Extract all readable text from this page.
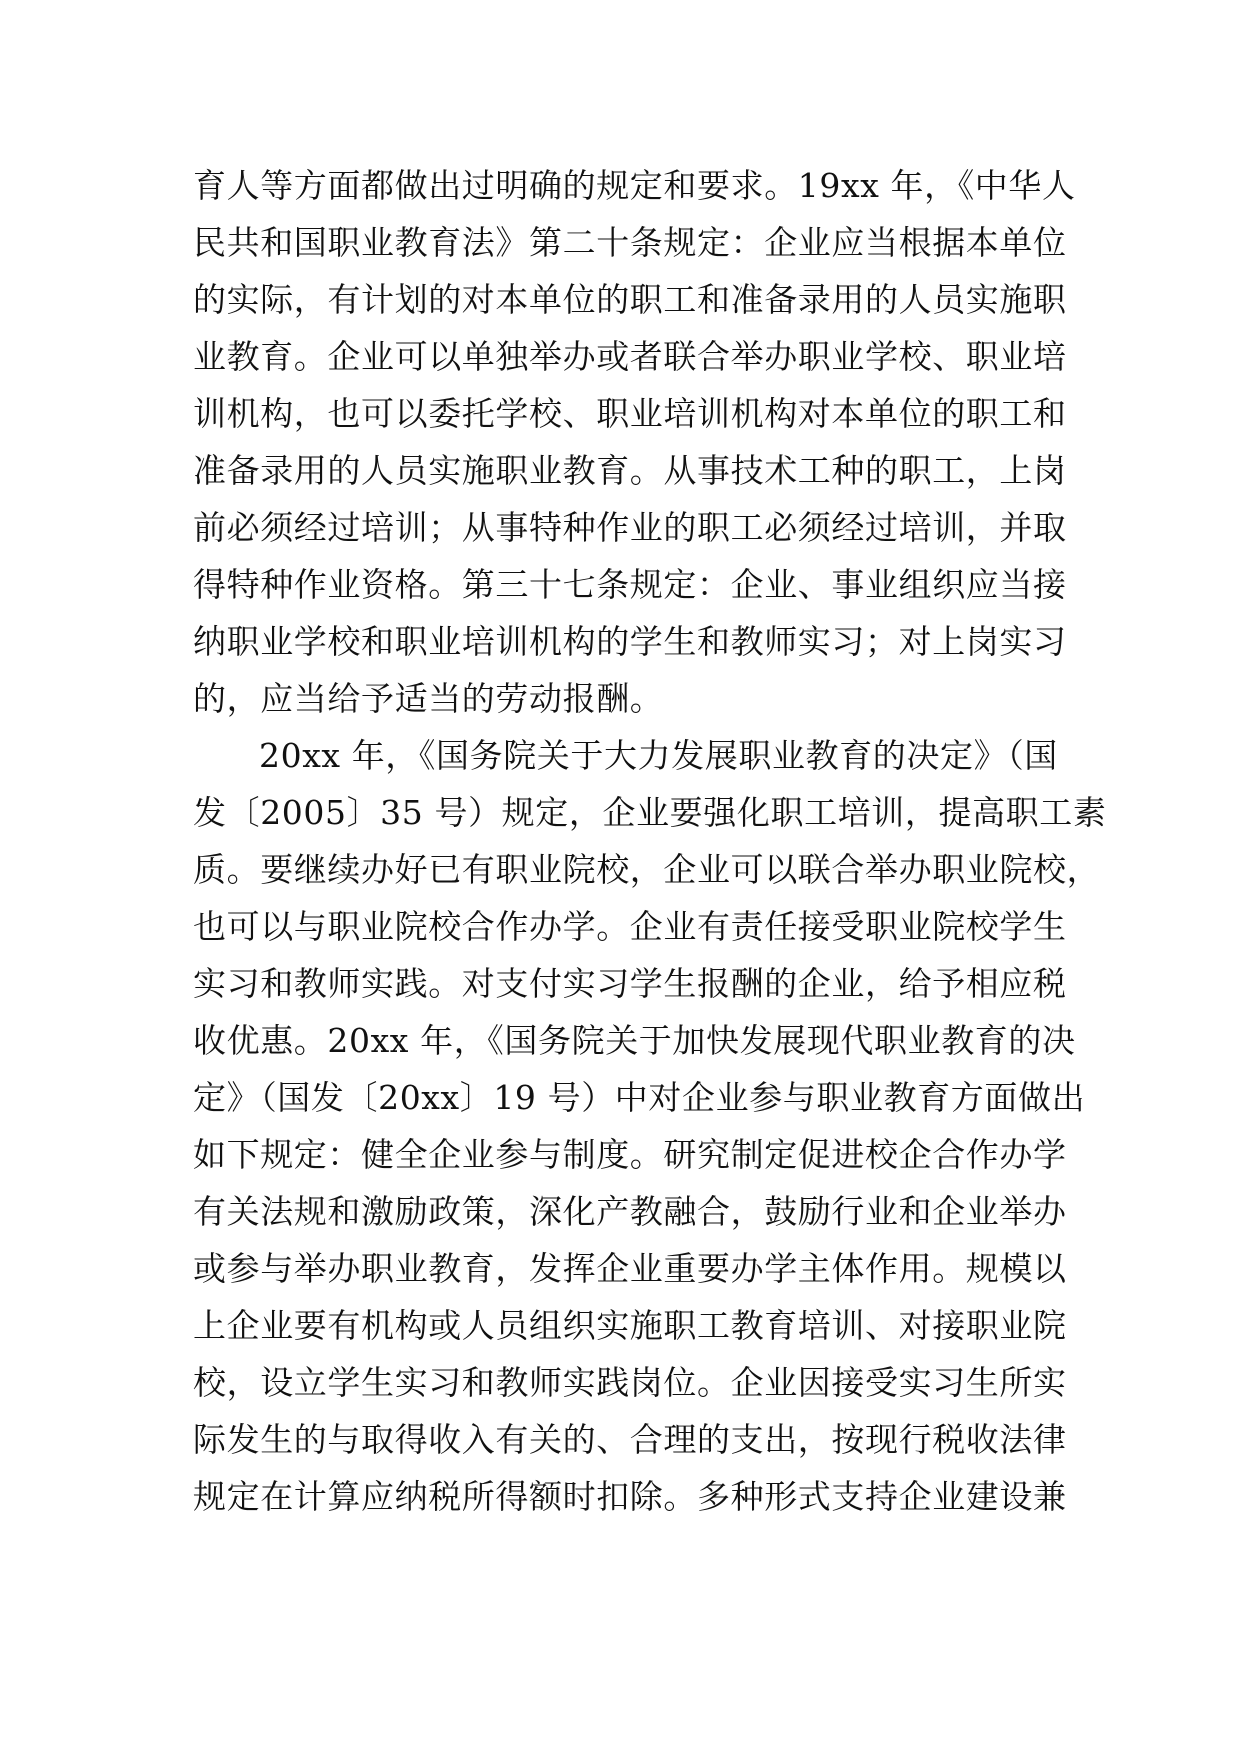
育人等方面都做出过明确的规定和要求。19xx 年，《中华人
民共和国职业教育法》第二十条规定：企业应当根据本单位
的实际，有计划的对本单位的职工和准备录用的人员实施职
业教育。企业可以单独举办或者联合举办职业学校、职业培
训机构，也可以委托学校、职业培训机构对本单位的职工和
准备录用的人员实施职业教育。从事技术工种的职工，上岗
前必须经过培训；从事特种作业的职工必须经过培训，并取
得特种作业资格。第三十七条规定：企业、事业组织应当接
纳职业学校和职业培训机构的学生和教师实习；对上岗实习
的，应当给予适当的劳动报酬。
20xx 年，《国务院关于大力发展职业教育的决定》（国
发〔2005〕35 号）规定，企业要强化职工培训，提高职工素
质。要继续办好已有职业院校，企业可以联合举办职业院校，
也可以与职业院校合作办学。企业有责任接受职业院校学生
实习和教师实践。对支付实习学生报酬的企业，给予相应税
收优惠。20xx 年，《国务院关于加快发展现代职业教育的决
定》（国发〔20xx〕19 号）中对企业参与职业教育方面做出
如下规定：健全企业参与制度。研究制定促进校企合作办学
有关法规和激励政策，深化产教融合，鼓励行业和企业举办
或参与举办职业教育，发挥企业重要办学主体作用。规模以
上企业要有机构或人员组织实施职工教育培训、对接职业院
校，设立学生实习和教师实践岗位。企业因接受实习生所实
际发生的与取得收入有关的、合理的支出，按现行税收法律
规定在计算应纳税所得额时扣除。多种形式支持企业建设兼
